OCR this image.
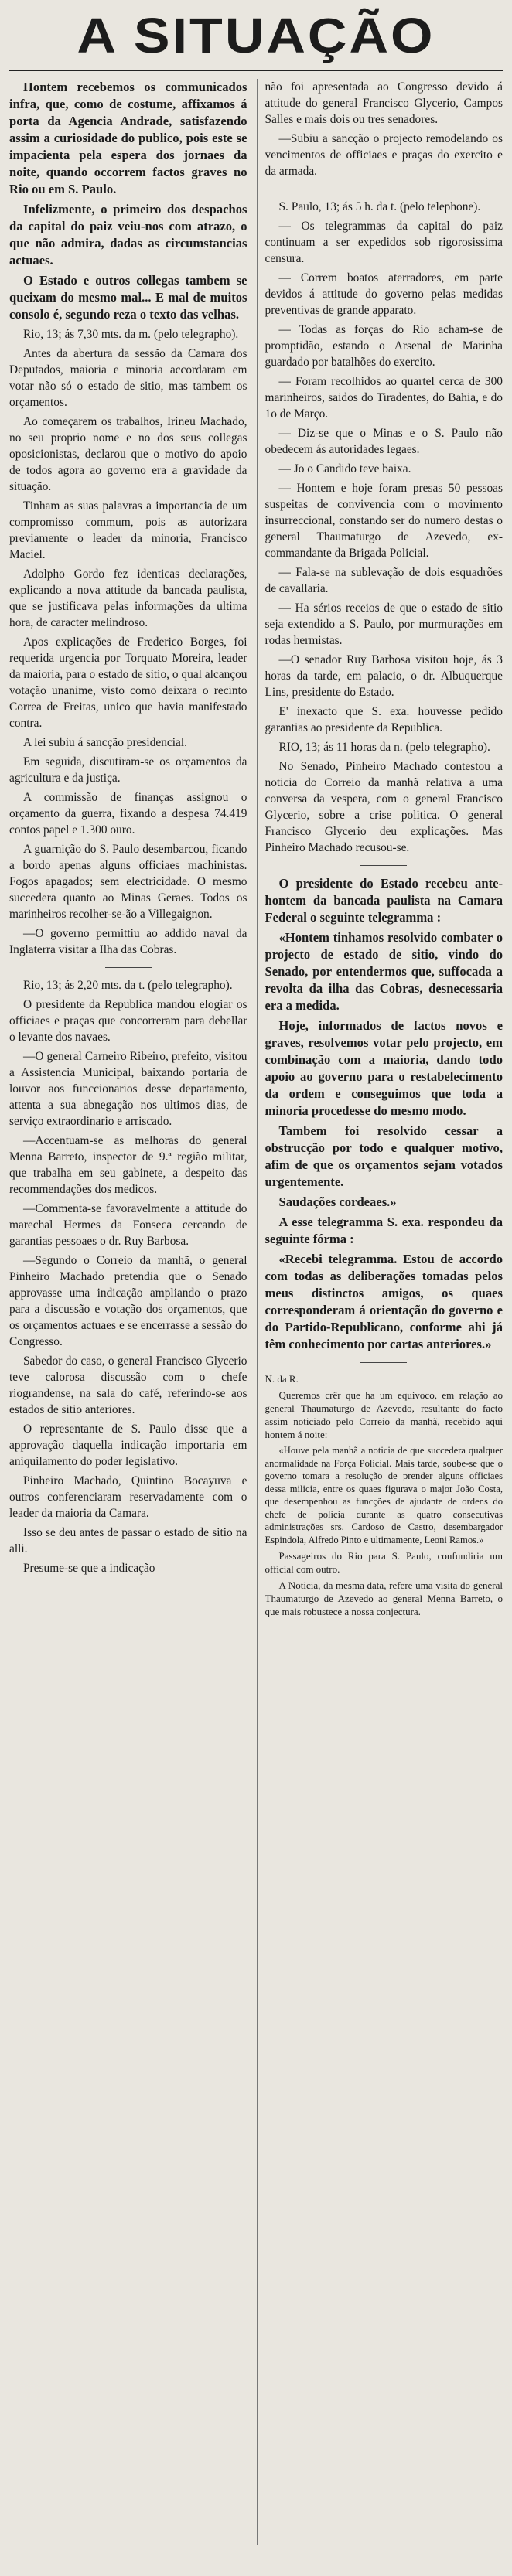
A SITUAÇÃO

Hontem recebemos os communicados infra, que, como de costume, affixamos á porta da Agencia Andrade, satisfazendo assim a curiosidade do publico, pois este se impacienta pela espera dos jornaes da noite, quando occorrem factos graves no Rio ou em S. Paulo.

Infelizmente, o primeiro dos despachos da capital do paiz veiu-nos com atrazo, o que não admira, dadas as circumstancias actuaes.

O Estado e outros collegas tambem se queixam do mesmo mal... E mal de muitos consolo é, segundo reza o texto das velhas.

Rio, 13; ás 7,30 mts. da m. (pelo telegrapho).

Antes da abertura da sessão da Camara dos Deputados, maioria e minoria accordaram em votar não só o estado de sitio, mas tambem os orçamentos.

Ao começarem os trabalhos, Irineu Machado, no seu proprio nome e no dos seus collegas oposicionistas, declarou que o motivo do apoio de todos agora ao governo era a gravidade da situação.

Tinham as suas palavras a importancia de um compromisso commum, pois as autorizara previamente o leader da minoria, Francisco Maciel.

Adolpho Gordo fez identicas declarações, explicando a nova attitude da bancada paulista, que se justificava pelas informações da ultima hora, de caracter melindroso.

Apos explicações de Frederico Borges, foi requerida urgencia por Torquato Moreira, leader da maioria, para o estado de sitio, o qual alcançou votação unanime, visto como deixara o recinto Correa de Freitas, unico que havia manifestado contra.

A lei subiu á sancção presidencial.

Em seguida, discutiram-se os orçamentos da agricultura e da justiça.

A commissão de finanças assignou o orçamento da guerra, fixando a despesa 74.419 contos papel e 1.300 ouro.

A guarnição do S. Paulo desembarcou, ficando a bordo apenas alguns officiaes machinistas. Fogos apagados; sem electricidade. O mesmo succedera quanto ao Minas Geraes. Todos os marinheiros recolher-se-ão a Villegaignon.

—O governo permittiu ao addido naval da Inglaterra visitar a Ilha das Cobras.

Rio, 13; ás 2,20 mts. da t. (pelo telegrapho).

O presidente da Republica mandou elogiar os officiaes e praças que concorreram para debellar o levante dos navaes.

—O general Carneiro Ribeiro, prefeito, visitou a Assistencia Municipal, baixando portaria de louvor aos funccionarios desse departamento, attenta a sua abnegação nos ultimos dias, de serviço extraordinario e arriscado.

—Accentuam-se as melhoras do general Menna Barreto, inspector de 9.ª região militar, que trabalha em seu gabinete, a despeito das recommendações dos medicos.

—Commenta-se favoravelmente a attitude do marechal Hermes da Fonseca cercando de garantias pessoaes o dr. Ruy Barbosa.

—Segundo o Correio da manhã, o general Pinheiro Machado pretendia que o Senado approvasse uma indicação ampliando o prazo para a discussão e votação dos orçamentos, que os orçamentos actuaes e se encerrasse a sessão do Congresso.

Sabedor do caso, o general Francisco Glycerio teve calorosa discussão com o chefe riograndense, na sala do café, referindo-se aos estados de sitio anteriores.

O representante de S. Paulo disse que a approvação daquella indicação importaria em aniquilamento do poder legislativo.

Pinheiro Machado, Quintino Bocayuva e outros conferenciaram reservadamente com o leader da maioria da Camara.

Isso se deu antes de passar o estado de sitio na alli.

Presume-se que a indicação

não foi apresentada ao Congresso devido á attitude do general Francisco Glycerio, Campos Salles e mais dois ou tres senadores.

—Subiu a sancção o projecto remodelando os vencimentos de officiaes e praças do exercito e da armada.

S. Paulo, 13; ás 5 h. da t. (pelo telephone).

— Os telegrammas da capital do paiz continuam a ser expedidos sob rigorosissima censura.

— Correm boatos aterradores, em parte devidos á attitude do governo pelas medidas preventivas de grande apparato.

— Todas as forças do Rio acham-se de promptidão, estando o Arsenal de Marinha guardado por batalhões do exercito.

— Foram recolhidos ao quartel cerca de 300 marinheiros, saidos do Tiradentes, do Bahia, e do 1o de Março.

— Diz-se que o Minas e o S. Paulo não obedecem ás autoridades legaes.

— Jo o Candido teve baixa.

— Hontem e hoje foram presas 50 pessoas suspeitas de convivencia com o movimento insurreccional, constando ser do numero destas o general Thaumaturgo de Azevedo, ex-commandante da Brigada Policial.

— Fala-se na sublevação de dois esquadrões de cavallaria.

— Ha sérios receios de que o estado de sitio seja extendido a S. Paulo, por murmurações em rodas hermistas.

—O senador Ruy Barbosa visitou hoje, ás 3 horas da tarde, em palacio, o dr. Albuquerque Lins, presidente do Estado.

E' inexacto que S. exa. houvesse pedido garantias ao presidente da Republica.

RIO, 13; ás 11 horas da n. (pelo telegrapho).

No Senado, Pinheiro Machado contestou a noticia do Correio da manhã relativa a uma conversa da vespera, com o general Francisco Glycerio, sobre a crise politica. O general Francisco Glycerio deu explicações. Mas Pinheiro Machado recusou-se.

O presidente do Estado recebeu ante-hontem da bancada paulista na Camara Federal o seguinte telegramma :

«Hontem tinhamos resolvido combater o projecto de estado de sitio, vindo do Senado, por entendermos que, suffocada a revolta da ilha das Cobras, desnecessaria era a medida.

Hoje, informados de factos novos e graves, resolvemos votar pelo projecto, em combinação com a maioria, dando todo apoio ao governo para o restabelecimento da ordem e conseguimos que toda a minoria procedesse do mesmo modo.

Tambem foi resolvido cessar a obstrucção por todo e qualquer motivo, afim de que os orçamentos sejam votados urgentemente.

Saudações cordeaes.»

A esse telegramma S. exa. respondeu da seguinte fórma :

«Recebi telegramma. Estou de accordo com todas as deliberações tomadas pelos meus distinctos amigos, os quaes corresponderam á orientação do governo e do Partido-Republicano, conforme ahi já têm conhecimento por cartas anteriores.»

N. da R.

Queremos crêr que ha um equivoco, em relação ao general Thaumaturgo de Azevedo, resultante do facto assim noticiado pelo Correio da manhã, recebido aqui hontem á noite:

«Houve pela manhã a noticia de que succedera qualquer anormalidade na Força Policial. Mais tarde, soube-se que o governo tomara a resolução de prender alguns officiaes dessa milicia, entre os quaes figurava o major João Costa, que desempenhou as funcções de ajudante de ordens do chefe de policia durante as quatro consecutivas administrações srs. Cardoso de Castro, desembargador Espindola, Alfredo Pinto e ultimamente, Leoni Ramos.»

Passageiros do Rio para S. Paulo, confundiria um official com outro.

A Noticia, da mesma data, refere uma visita do general Thaumaturgo de Azevedo ao general Menna Barreto, o que mais robustece a nossa conjectura.
